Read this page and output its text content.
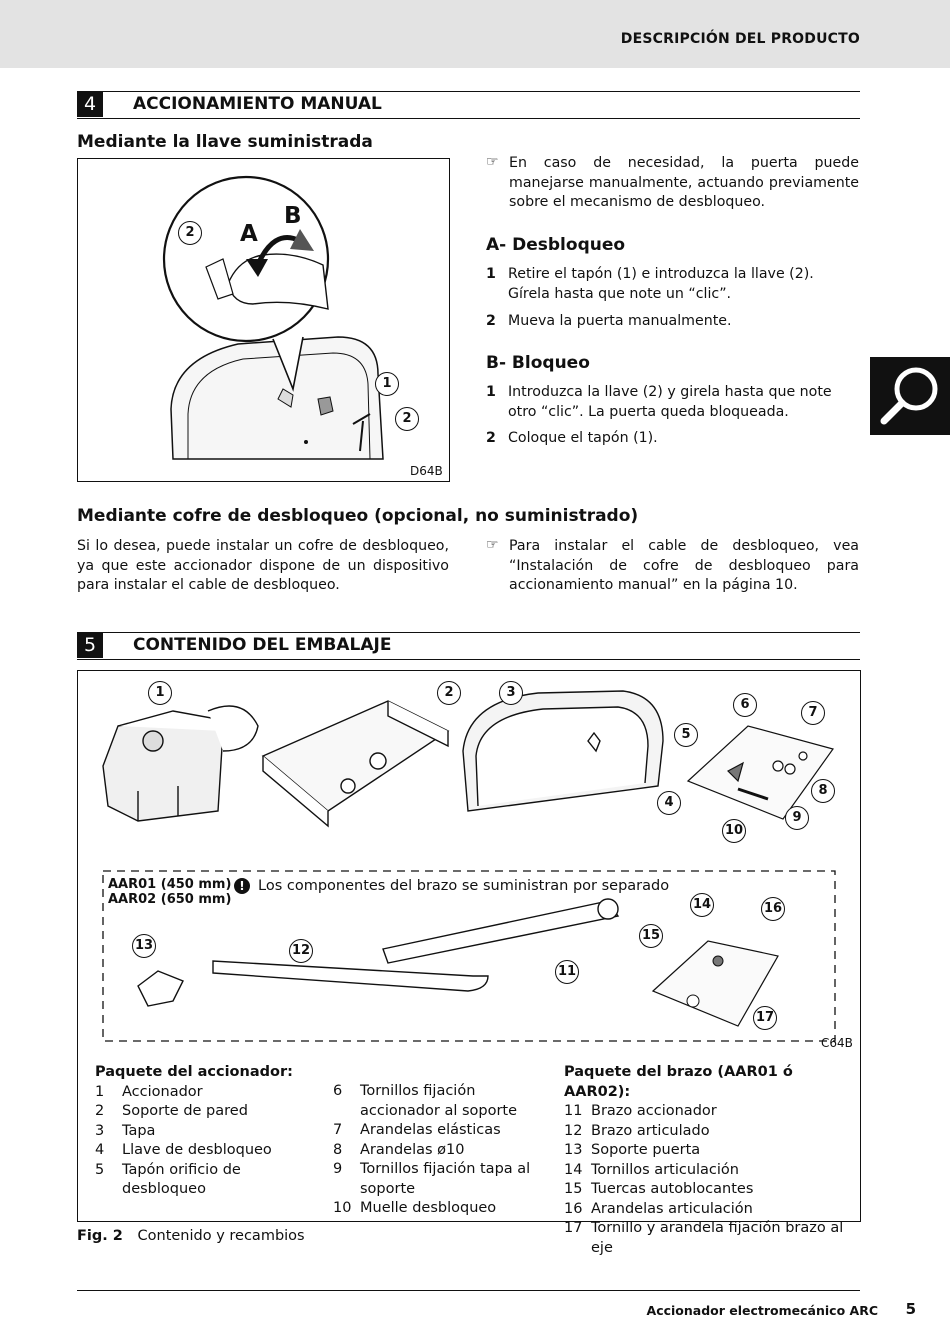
DESCRIPCIÓN DEL PRODUCTO
4	ACCIONAMIENTO MANUAL
Mediante la llave suministrada
A
B
2
1
2
D64B
☞ En caso de necesidad, la puerta puede manejarse manualmente, actuando previamente sobre el mecanismo de desbloqueo.
A- Desbloqueo
1 Retire el tapón (1) e introduzca la llave (2). Gírela hasta que note un “clic”.
2 Mueva la puerta manualmente.
B- Bloqueo
1 Introduzca la llave (2) y girela hasta que note otro “clic”. La puerta queda bloqueada.
2 Coloque el tapón (1).
Mediante cofre de desbloqueo (opcional, no suministrado)
Si lo desea, puede instalar un cofre de desbloqueo, ya que este accionador dispone de un dispositivo para instalar el cable de desbloqueo.
☞ Para instalar el cable de desbloqueo, vea “Instalación de cofre de desbloqueo para accionamiento manual” en la página 10.
5	CONTENIDO DEL EMBALAJE
1	2	3
4
5
6
7
8
9
10
11
12
13
14	16
15
17
AAR01 (450 mm)
AAR02 (650 mm)
! Los componentes del brazo se suministran por separado
C64B
Paquete del accionador:
1	Accionador
2	Soporte de pared
3	Tapa
4	Llave de desbloqueo
5	Tapón orificio de desbloqueo
6	Tornillos fijación accionador al soporte
7	Arandelas elásticas
8	Arandelas ø10
9	Tornillos fijación tapa al soporte
10 Muelle desbloqueo
Paquete del brazo (AAR01 ó AAR02):
11 Brazo accionador
12 Brazo articulado
13 Soporte puerta
14 Tornillos articulación
15 Tuercas autoblocantes
16 Arandelas articulación
17 Tornillo y arandela fijación brazo al eje
Fig. 2 Contenido y recambios
Accionador electromecánico ARC 5
